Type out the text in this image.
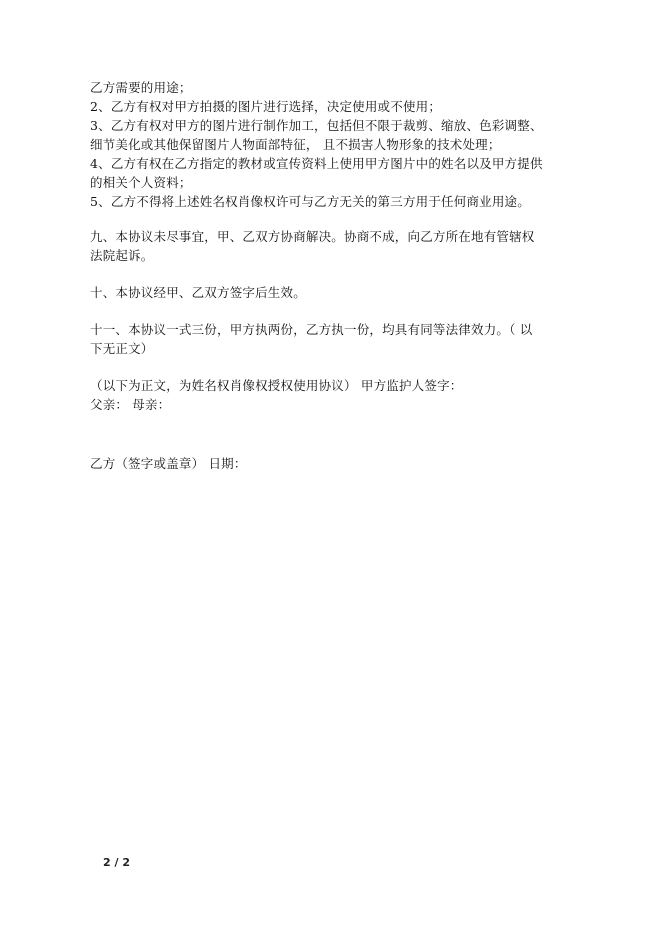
乙方需要的用途；
2、乙方有权对甲方拍摄的图片进行选择，决定使用或不使用；
3、乙方有权对甲方的图片进行制作加工，包括但不限于裁剪、缩放、色彩调整、
细节美化或其他保留图片人物面部特征， 且不损害人物形象的技术处理；
4、乙方有权在乙方指定的教材或宣传资料上使用甲方图片中的姓名以及甲方提供
的相关个人资料；
5、乙方不得将上述姓名权肖像权许可与乙方无关的第三方用于任何商业用途。
九、本协议未尽事宜，甲、乙双方协商解决。协商不成，向乙方所在地有管辖权
法院起诉。
十、本协议经甲、乙双方签字后生效。
十一、本协议一式三份，甲方执两份，乙方执一份，均具有同等法律效力。（ 以
下无正文）
（以下为正文，为姓名权肖像权授权使用协议） 甲方监护人签字：
父亲： 母亲：
乙方（签字或盖章） 日期：
2 / 2
